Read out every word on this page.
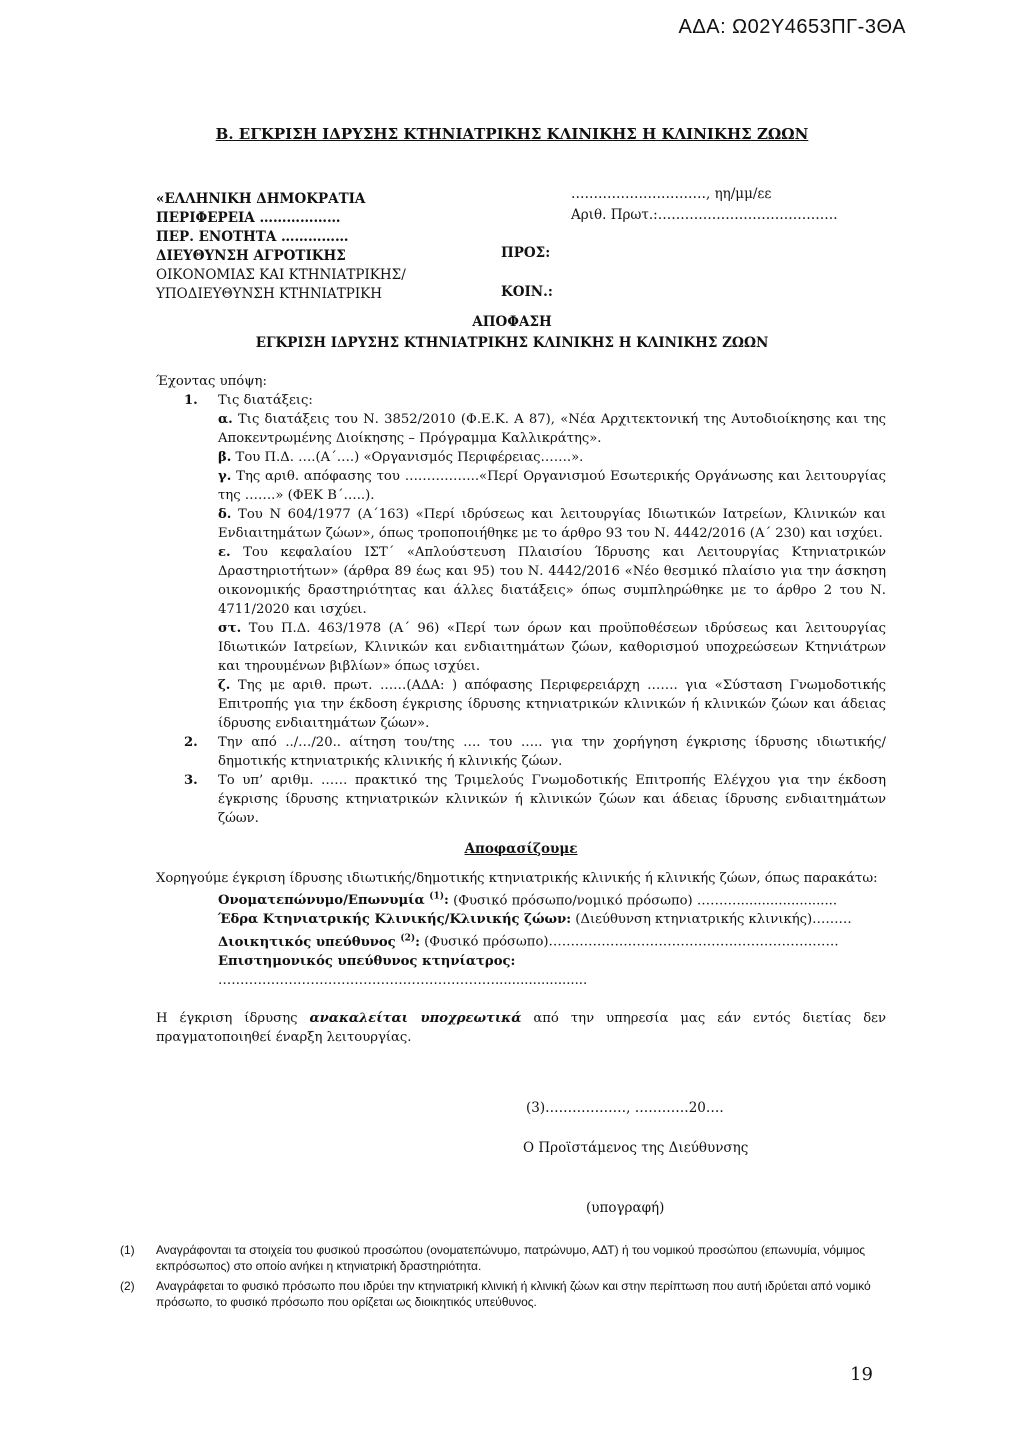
ΑΔΑ: Ω02Υ4653ΠΓ-3ΘΑ
Β. ΕΓΚΡΙΣΗ ΙΔΡΥΣΗΣ ΚΤΗΝΙΑΤΡΙΚΗΣ ΚΛΙΝΙΚΗΣ Η ΚΛΙΝΙΚΗΣ ΖΩΩΝ
«ΕΛΛΗΝΙΚΗ ΔΗΜΟΚΡΑΤΙΑ
ΠΕΡΙΦΕΡΕΙΑ ………………
ΠΕΡ. ΕΝΟΤΗΤΑ ……………
ΔΙΕΥΘΥΝΣΗ ΑΓΡΟΤΙΚΗΣ
ΟΙΚΟΝΟΜΙΑΣ ΚΑΙ ΚΤΗΝΙΑΤΡΙΚΗΣ/
ΥΠΟΔΙΕΥΘΥΝΣΗ ΚΤΗΝΙΑΤΡΙΚΗ
…………………………, ηη/μμ/εε
Αριθ. Πρωτ.:………………………………….
ΠΡΟΣ:
ΚΟΙΝ.:
ΑΠΟΦΑΣΗ
ΕΓΚΡΙΣΗ ΙΔΡΥΣΗΣ ΚΤΗΝΙΑΤΡΙΚΗΣ ΚΛΙΝΙΚΗΣ Η ΚΛΙΝΙΚΗΣ ΖΩΩΝ

Έχοντας υπόψη:

1.	Τις διατάξεις:

α. Τις διατάξεις του Ν. 3852/2010 (Φ.Ε.Κ. Α 87), «Νέα Αρχιτεκτονική της Αυτοδιοίκησης και της Αποκεντρωμένης Διοίκησης – Πρόγραμμα Καλλικράτης».

β. Του Π.Δ. ….(Α΄….) «Οργανισμός Περιφέρειας…….».

γ. Της αριθ. απόφασης του ……………..«Περί Οργανισμού Εσωτερικής Οργάνωσης και λειτουργίας της …….» (ΦΕΚ Β΄…..).

δ. Του Ν 604/1977 (Α΄163) «Περί ιδρύσεως και λειτουργίας Ιδιωτικών Ιατρείων, Κλινικών και Ενδιαιτημάτων ζώων», όπως τροποποιήθηκε με το άρθρο 93 του Ν. 4442/2016 (Α΄ 230) και ισχύει.

ε. Του κεφαλαίου ΙΣΤ΄ «Απλούστευση Πλαισίου Ίδρυσης και Λειτουργίας Κτηνιατρικών Δραστηριοτήτων» (άρθρα 89 έως και 95) του Ν. 4442/2016 «Νέο θεσμικό πλαίσιο για την άσκηση οικονομικής δραστηριότητας και άλλες διατάξεις» όπως συμπληρώθηκε με το άρθρο 2 του Ν. 4711/2020 και ισχύει.

στ. Του Π.Δ. 463/1978 (Α΄ 96) «Περί των όρων και προϋποθέσεων ιδρύσεως και λειτουργίας Ιδιωτικών Ιατρείων, Κλινικών και ενδιαιτημάτων ζώων, καθορισμού υποχρεώσεων Κτηνιάτρων και τηρουμένων βιβλίων» όπως ισχύει.

ζ. Της με αριθ. πρωτ. ……(ΑΔΑ: ) απόφασης Περιφερειάρχη ……. για «Σύσταση Γνωμοδοτικής Επιτροπής για την έκδοση έγκρισης ίδρυσης κτηνιατρικών κλινικών ή κλινικών ζώων και άδειας ίδρυσης ενδιαιτημάτων ζώων».

2.	Την από ../…/20.. αίτηση του/της …. του ….. για την χορήγηση έγκρισης ίδρυσης ιδιωτικής/δημοτικής κτηνιατρικής κλινικής ή κλινικής ζώων.
3.	Το υπ’ αριθμ. …… πρακτικό της Τριμελούς Γνωμοδοτικής Επιτροπής Ελέγχου για την έκδοση έγκρισης ίδρυσης κτηνιατρικών κλινικών ή κλινικών ζώων και άδειας ίδρυσης ενδιαιτημάτων ζώων.
Αποφασίζουμε

Χορηγούμε έγκριση ίδρυσης ιδιωτικής/δημοτικής κτηνιατρικής κλινικής ή κλινικής ζώων, όπως παρακάτω:

Ονοματεπώνυμο/Επωνυμία $^{(1)}$: (Φυσικό πρόσωπο/νομικό πρόσωπο) ………........................

Έδρα Κτηνιατρικής Κλινικής/Κλινικής ζώων: (Διεύθυνση κτηνιατρικής κλινικής)………

Διοικητικός υπεύθυνος $^{(2)}$: (Φυσικό πρόσωπο)…………………………………………………………

Επιστημονικός υπεύθυνος κτηνίατρος: ………………………………………………………......................

Η έγκριση ίδρυσης ανακαλείται υποχρεωτικά από την υπηρεσία μας εάν εντός διετίας δεν πραγματοποιηθεί έναρξη λειτουργίας.

(3)………………, …………20….
Ο Προϊστάμενος της Διεύθυνσης
(υπογραφή)
(1)	Αναγράφονται τα στοιχεία του φυσικού προσώπου (ονοματεπώνυμο, πατρώνυμο, ΑΔΤ) ή του νομικού προσώπου (επωνυμία, νόμιμος εκπρόσωπος) στο οποίο ανήκει η κτηνιατρική δραστηριότητα.
(2)	Αναγράφεται το φυσικό πρόσωπο που ιδρύει την κτηνιατρική κλινική ή κλινική ζώων και στην περίπτωση που αυτή ιδρύεται από νομικό πρόσωπο, το φυσικό πρόσωπο που ορίζεται ως διοικητικός υπεύθυνος.
19
